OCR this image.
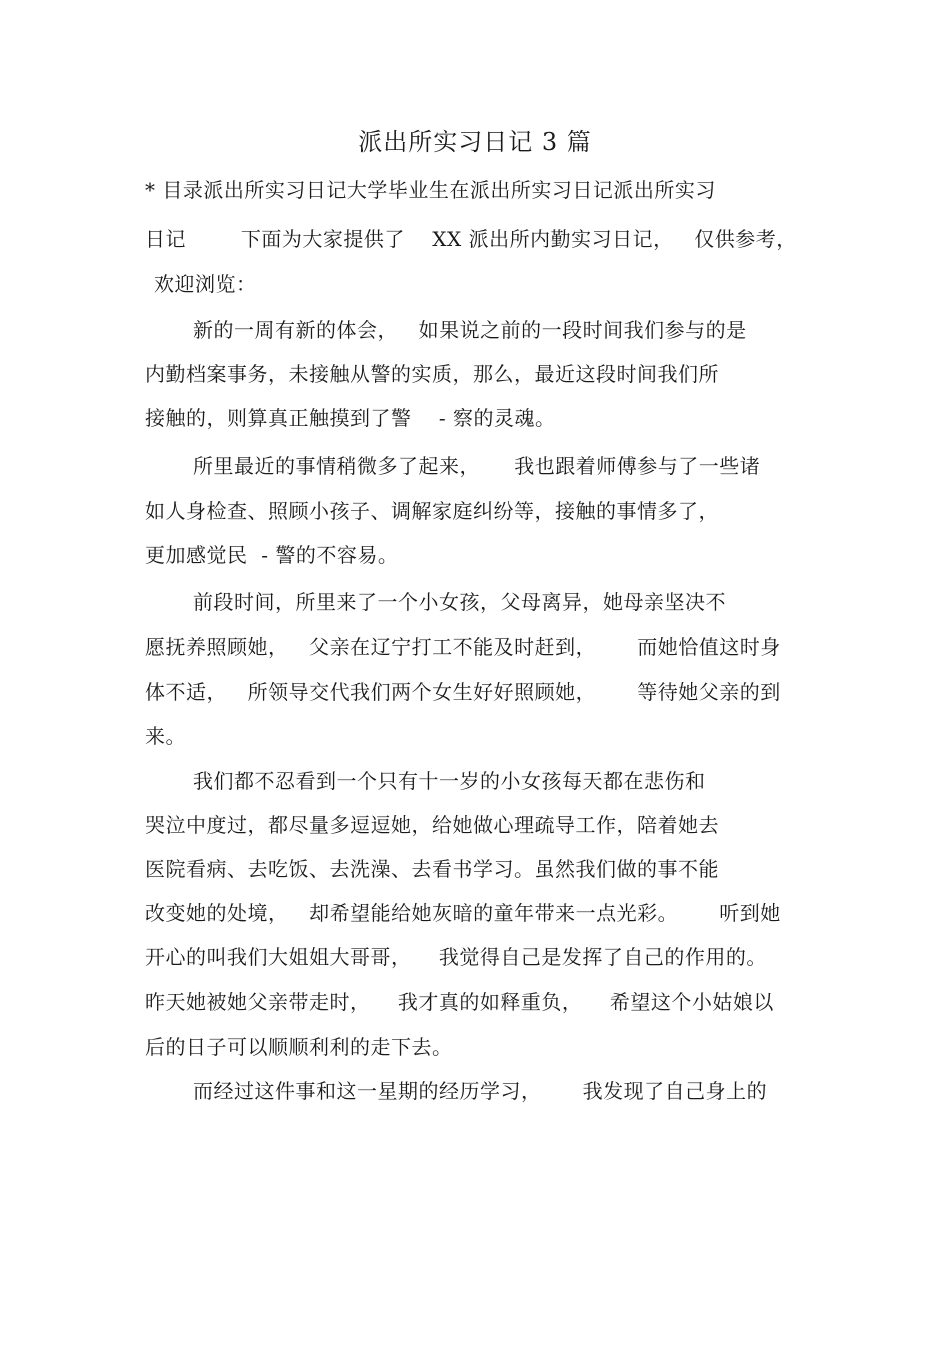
派出所实习日记 3 篇
* 目录派出所实习日记大学毕业生在派出所实习日记派出所实习
日记        下面为大家提供了    XX 派出所内勤实习日记，   仅供参考，
欢迎浏览：
新的一周有新的体会，   如果说之前的一段时间我们参与的是
内勤档案事务，未接触从警的实质，那么，最近这段时间我们所
接触的，则算真正触摸到了警    - 察的灵魂。
所里最近的事情稍微多了起来，     我也跟着师傅参与了一些诸
如人身检查、照顾小孩子、调解家庭纠纷等，接触的事情多了，
更加感觉民  - 警的不容易。
前段时间，所里来了一个小女孩，父母离异，她母亲坚决不
愿抚养照顾她，   父亲在辽宁打工不能及时赶到，      而她恰值这时身
体不适，   所领导交代我们两个女生好好照顾她，      等待她父亲的到
来。
我们都不忍看到一个只有十一岁的小女孩每天都在悲伤和
哭泣中度过，都尽量多逗逗她，给她做心理疏导工作，陪着她去
医院看病、去吃饭、去洗澡、去看书学习。虽然我们做的事不能
改变她的处境，   却希望能给她灰暗的童年带来一点光彩。      听到她
开心的叫我们大姐姐大哥哥，    我觉得自己是发挥了自己的作用的。
昨天她被她父亲带走时，    我才真的如释重负，    希望这个小姑娘以
后的日子可以顺顺利利的走下去。
而经过这件事和这一星期的经历学习，      我发现了自己身上的
